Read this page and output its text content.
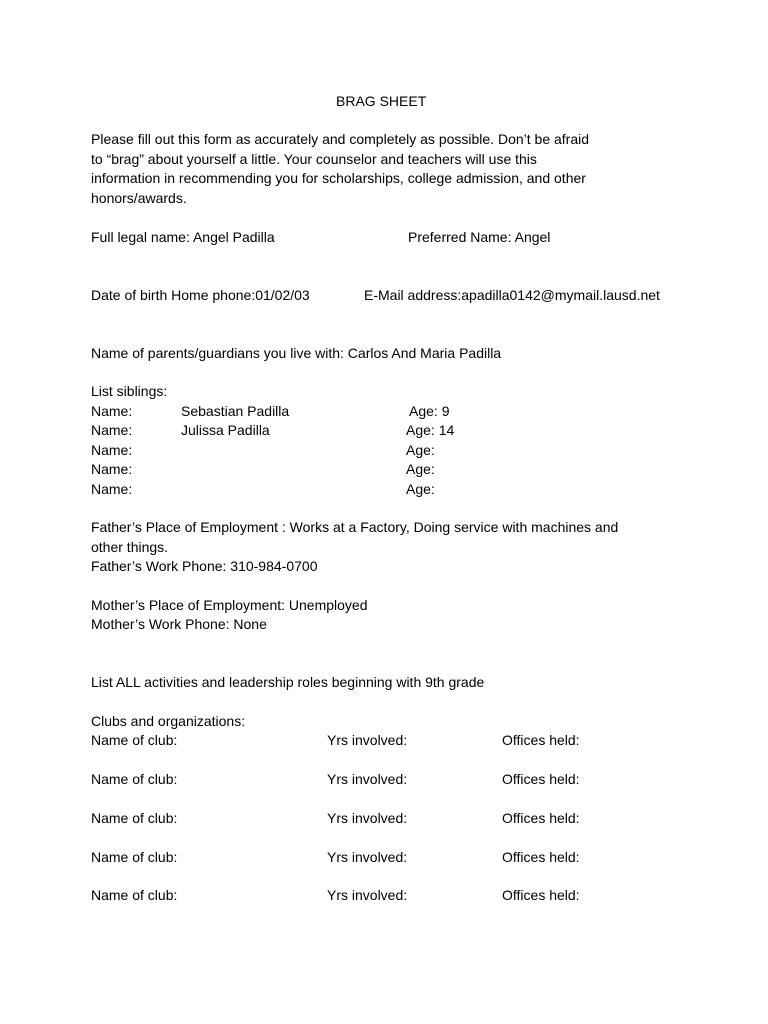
BRAG SHEET
Please fill out this form as accurately and completely as possible. Don’t be afraid
to “brag” about yourself a little. Your counselor and teachers will use this
information in recommending you for scholarships, college admission, and other
honors/awards.
Full legal name: Angel Padilla	Preferred Name: Angel
Date of birth Home phone:01/02/03	E-Mail address:apadilla0142@mymail.lausd.net
Name of parents/guardians you live with: Carlos And Maria Padilla
List siblings:
Name:	Sebastian Padilla	Age: 9
Name:	Julissa Padilla	Age: 14
Name:	Age:
Name:	Age:
Name:	Age:
Father’s Place of Employment : Works at a Factory, Doing service with machines and
other things.
Father’s Work Phone: 310-984-0700
Mother’s Place of Employment: Unemployed
Mother’s Work Phone: None
List ALL activities and leadership roles beginning with 9th grade
Clubs and organizations:
Name of club:	Yrs involved:	Offices held:
Name of club:	Yrs involved:	Offices held:
Name of club:	Yrs involved:	Offices held:
Name of club:	Yrs involved:	Offices held:
Name of club:	Yrs involved:	Offices held:
